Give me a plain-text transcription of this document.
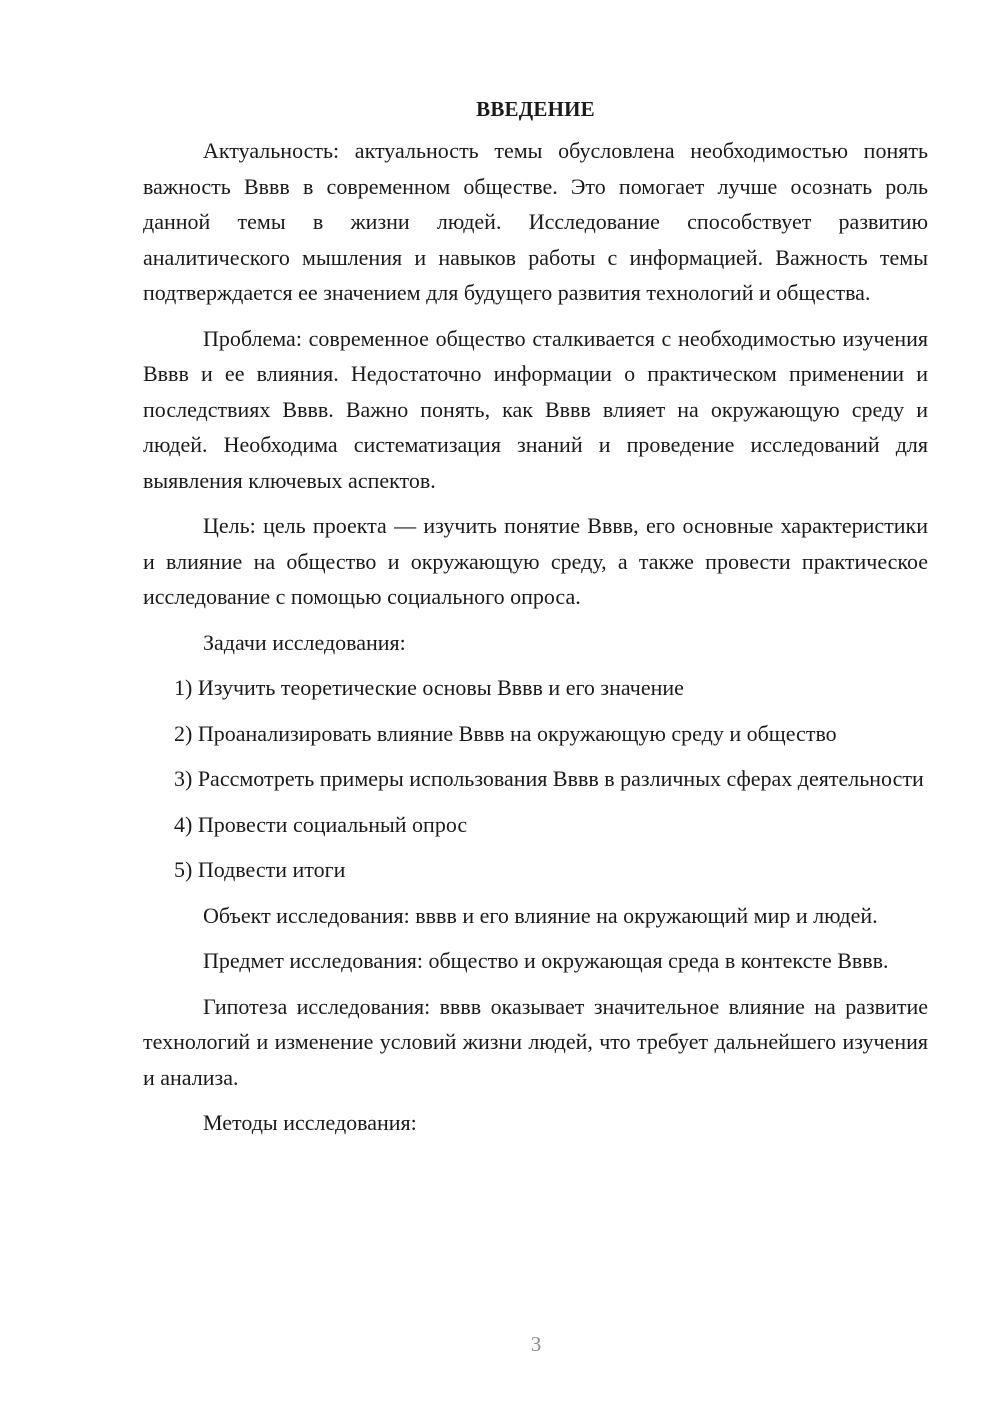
ВВЕДЕНИЕ

Актуальность: актуальность темы обусловлена необходимостью понять важность Вввв в современном обществе. Это помогает лучше осознать роль данной темы в жизни людей. Исследование способствует развитию аналитического мышления и навыков работы с информацией. Важность темы подтверждается ее значением для будущего развития технологий и общества.

Проблема: современное общество сталкивается с необходимостью изучения Вввв и ее влияния. Недостаточно информации о практическом применении и последствиях Вввв. Важно понять, как Вввв влияет на окружающую среду и людей. Необходима систематизация знаний и проведение исследований для выявления ключевых аспектов.

Цель: цель проекта — изучить понятие Вввв, его основные характеристики и влияние на общество и окружающую среду, а также провести практическое исследование с помощью социального опроса.

Задачи исследования:

1) Изучить теоретические основы Вввв и его значение

2) Проанализировать влияние Вввв на окружающую среду и общество

3) Рассмотреть примеры использования Вввв в различных сферах деятельности

4) Провести социальный опрос

5) Подвести итоги

Объект исследования: вввв и его влияние на окружающий мир и людей.

Предмет исследования: общество и окружающая среда в контексте Вввв.

Гипотеза исследования: вввв оказывает значительное влияние на развитие технологий и изменение условий жизни людей, что требует дальнейшего изучения и анализа.

Методы исследования:

3
